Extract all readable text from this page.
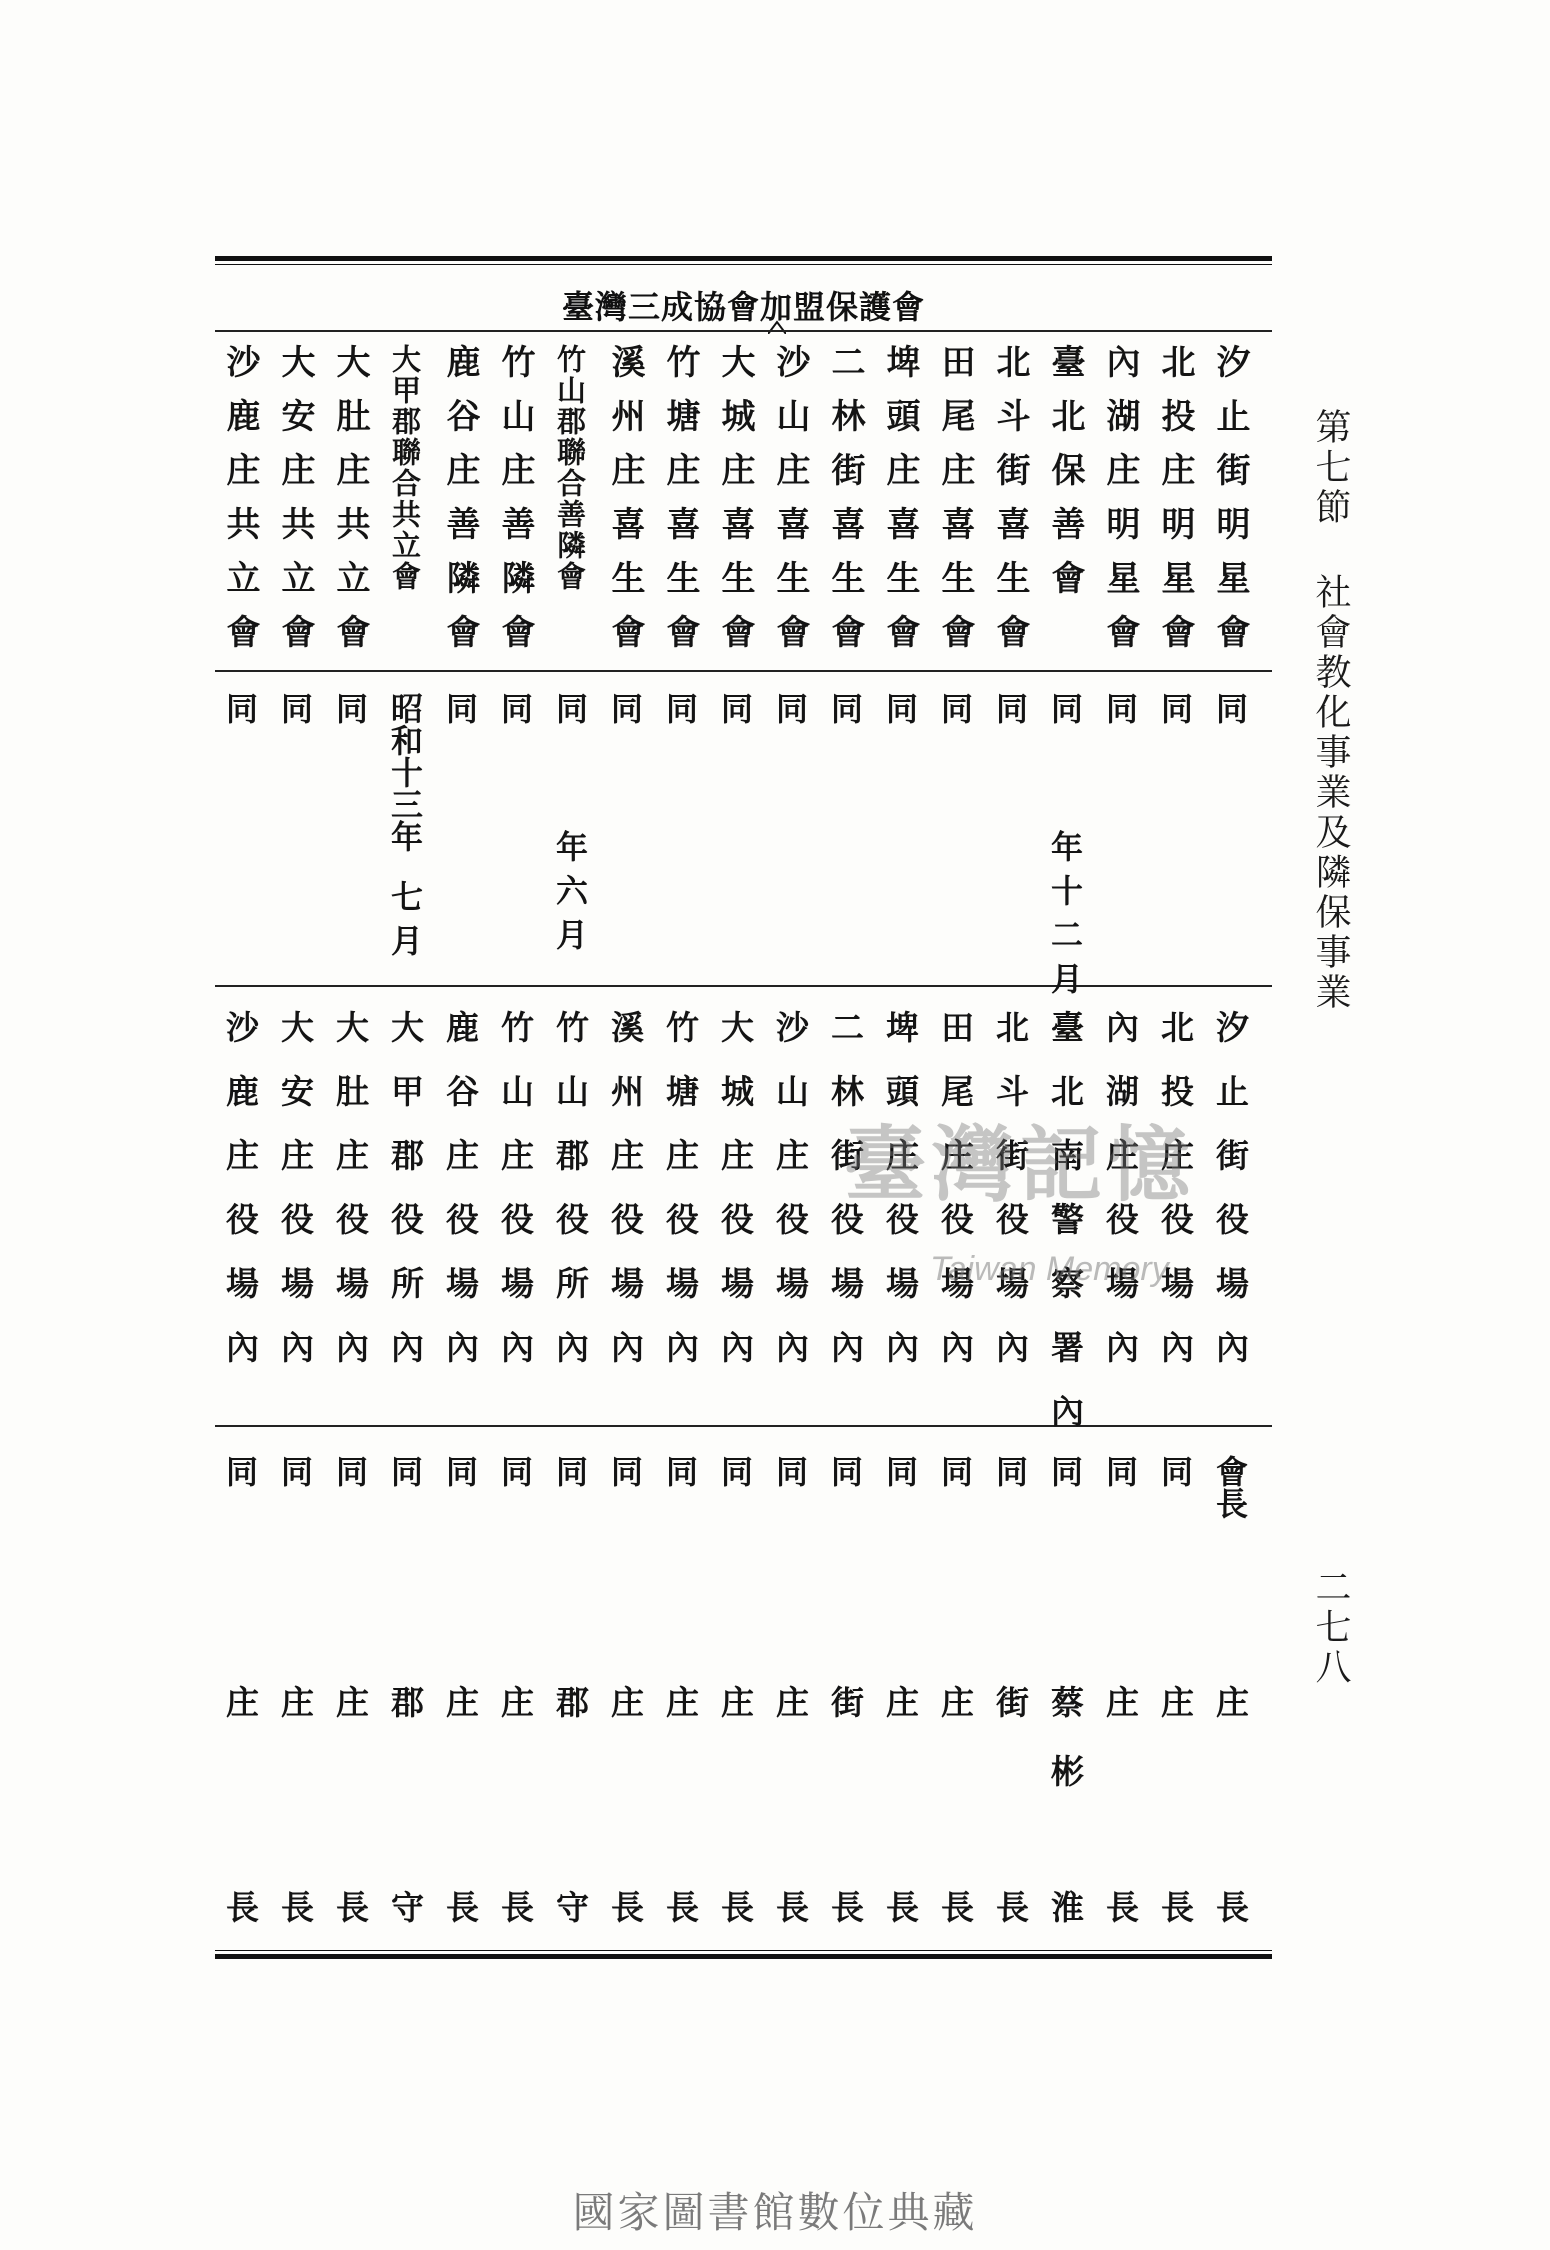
臺灣三成協會加盟保護會
汐止街明星會
同
汐止街役場內
會長
庄
長
北投庄明星會
同
北投庄役場內
同
庄
長
內湖庄明星會
同
內湖庄役場內
同
庄
長
臺北保善會
同
年十二月
臺北南警察署內
同
蔡彬
淮
北斗街喜生會
同
北斗街役場內
同
街
長
田尾庄喜生會
同
田尾庄役場內
同
庄
長
埤頭庄喜生會
同
埤頭庄役場內
同
庄
長
二林街喜生會
同
二林街役場內
同
街
長
沙山庄喜生會
同
沙山庄役場內
同
庄
長
大城庄喜生會
同
大城庄役場內
同
庄
長
竹塘庄喜生會
同
竹塘庄役場內
同
庄
長
溪州庄喜生會
同
溪州庄役場內
同
庄
長
竹山郡聯合善隣會
同
年六月
竹山郡役所內
同
郡
守
竹山庄善隣會
同
竹山庄役場內
同
庄
長
鹿谷庄善隣會
同
鹿谷庄役場內
同
庄
長
大甲郡聯合共立會
昭和十三年
七月
大甲郡役所內
同
郡
守
大肚庄共立會
同
大肚庄役場內
同
庄
長
大安庄共立會
同
大安庄役場內
同
庄
長
沙鹿庄共立會
同
沙鹿庄役場內
同
庄
長
第七節 社會教化事業及隣保事業
二七八
臺灣記憶
Taiwan Memory
國家圖書館數位典藏
